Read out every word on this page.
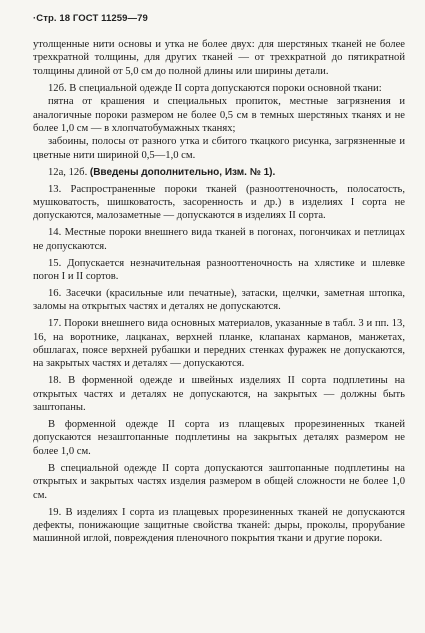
·Стр. 18 ГОСТ 11259—79

утолщенные нити основы и утка не более двух: для шерстяных тканей не более трехкратной толщины, для других тканей — от трехкратной до пятикратной толщины длиной от 5,0 см до полной длины или ширины детали.

12б. В специальной одежде II сорта допускаются пороки основной ткани:

пятна от крашения и специальных пропиток, местные загрязнения и аналогичные пороки размером не более 0,5 см в темных шерстяных тканях и не более 1,0 см — в хлопчатобумажных тканях;

забоины, полосы от разного утка и сбитого ткацкого рисунка, загрязненные и цветные нити шириной 0,5—1,0 см.

12а, 12б. (Введены дополнительно, Изм. № 1).

13. Распространенные пороки тканей (разнооттеночность, полосатость, мушковатость, шишковатость, засоренность и др.) в изделиях I сорта не допускаются, малозаметные — допускаются в изделиях II сорта.

14. Местные пороки внешнего вида тканей в погонах, погончиках и петлицах не допускаются.

15. Допускается незначительная разнооттеночность на хлястике и шлевке погон I и II сортов.

16. Засечки (красильные или печатные), затаски, щелчки, заметная штопка, заломы на открытых частях и деталях не допускаются.

17. Пороки внешнего вида основных материалов, указанные в табл. 3 и пп. 13, 16, на воротнике, лацканах, верхней планке, клапанах карманов, манжетах, обшлагах, поясе верхней рубашки и передних стенках фуражек не допускаются, на закрытых частях и деталях — допускаются.

18. В форменной одежде и швейных изделиях II сорта подплетины на открытых частях и деталях не допускаются, на закрытых — должны быть заштопаны.

В форменной одежде II сорта из плащевых прорезиненных тканей допускаются незаштопанные подплетины на закрытых деталях размером не более 1,0 см.

В специальной одежде II сорта допускаются заштопанные подплетины на открытых и закрытых частях изделия размером в общей сложности не более 1,0 см.

19. В изделиях I сорта из плащевых прорезиненных тканей не допускаются дефекты, понижающие защитные свойства тканей: дыры, проколы, прорубание машинной иглой, повреждения пленочного покрытия ткани и другие пороки.
